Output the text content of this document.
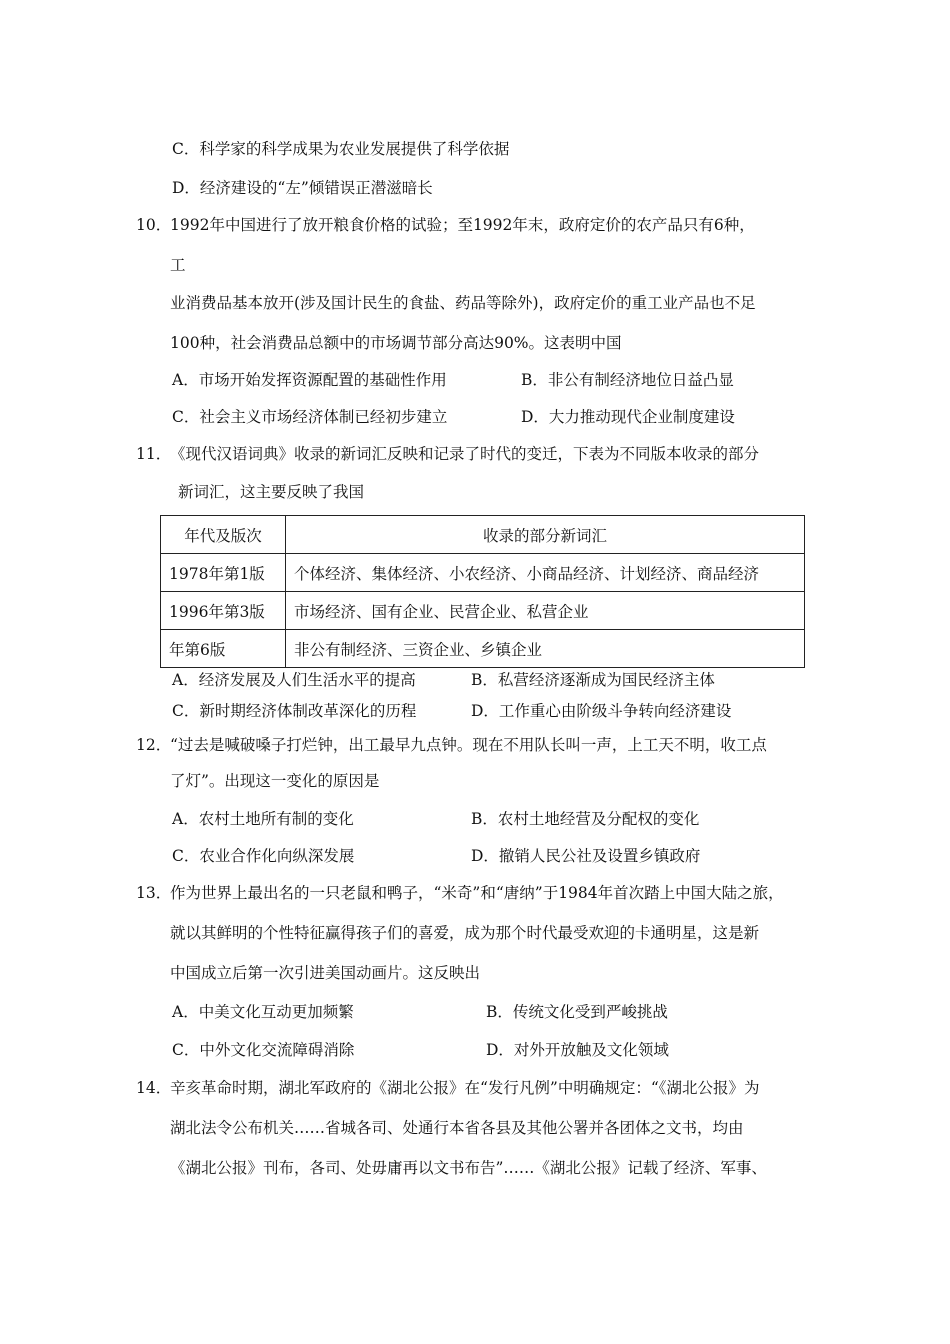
C．科学家的科学成果为农业发展提供了科学依据
D．经济建设的“左”倾错误正潜滋暗长
10．
1992年中国进行了放开粮食价格的试验；至1992年末，政府定价的农产品只有6种，
工
业消费品基本放开(涉及国计民生的食盐、药品等除外)，政府定价的重工业产品也不足
100种，社会消费品总额中的市场调节部分高达90%。这表明中国
A．市场开始发挥资源配置的基础性作用	B．非公有制经济地位日益凸显
C．社会主义市场经济体制已经初步建立	D．大力推动现代企业制度建设
11．
《现代汉语词典》收录的新词汇反映和记录了时代的变迁，下表为不同版本收录的部分
新词汇，这主要反映了我国
年代及版次	收录的部分新词汇
1978年第1版	个体经济、集体经济、小农经济、小商品经济、计划经济、商品经济
1996年第3版	市场经济、国有企业、民营企业、私营企业
年第6版	非公有制经济、三资企业、乡镇企业
A．经济发展及人们生活水平的提高	B．私营经济逐渐成为国民经济主体
C．新时期经济体制改革深化的历程	D．工作重心由阶级斗争转向经济建设
12．
“过去是喊破嗓子打烂钟，出工最早九点钟。现在不用队长叫一声，上工天不明，收工点
了灯”。出现这一变化的原因是
A．农村土地所有制的变化	B．农村土地经营及分配权的变化
C．农业合作化向纵深发展	D．撤销人民公社及设置乡镇政府
13．
作为世界上最出名的一只老鼠和鸭子，“米奇”和“唐纳”于1984年首次踏上中国大陆之旅，
就以其鲜明的个性特征赢得孩子们的喜爱，成为那个时代最受欢迎的卡通明星，这是新
中国成立后第一次引进美国动画片。这反映出
A．中美文化互动更加频繁	B．传统文化受到严峻挑战
C．中外文化交流障碍消除	D．对外开放触及文化领域
14．
辛亥革命时期，湖北军政府的《湖北公报》在“发行凡例”中明确规定：“《湖北公报》为
湖北法令公布机关……省城各司、处通行本省各县及其他公署并各团体之文书，均由
《湖北公报》刊布，各司、处毋庸再以文书布告”……《湖北公报》记载了经济、军事、
